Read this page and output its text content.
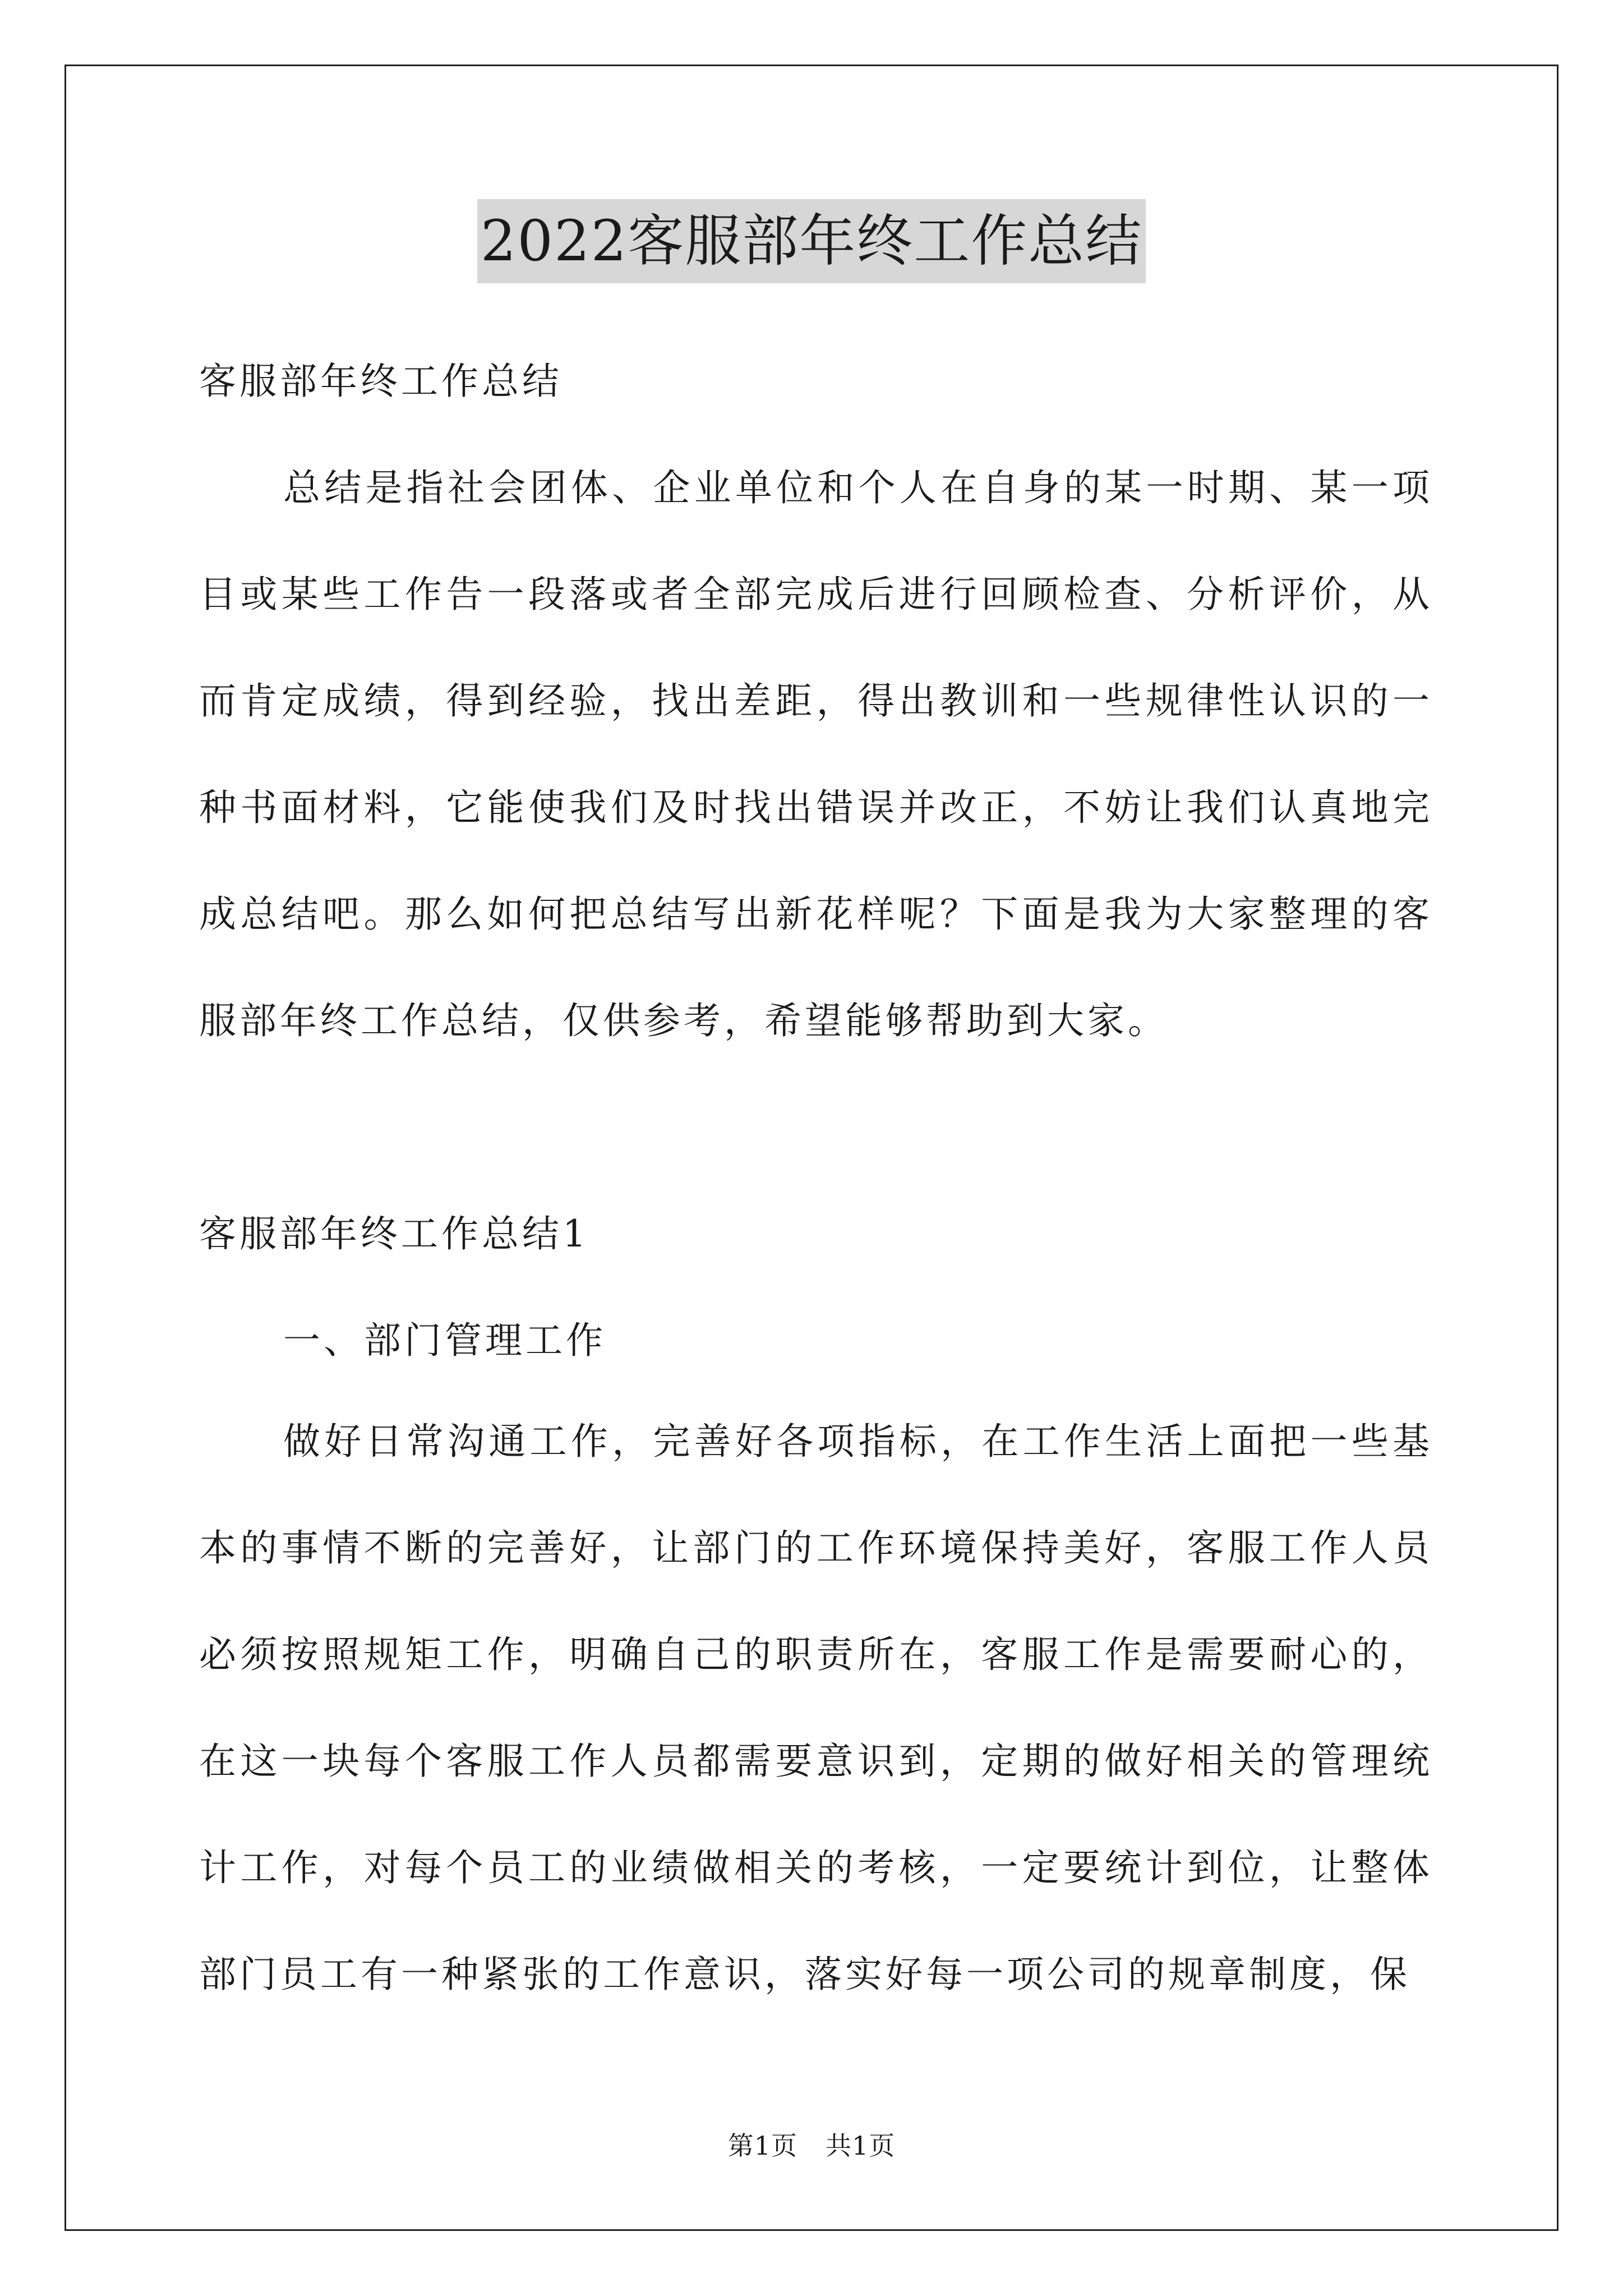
2022客服部年终工作总结
客服部年终工作总结
总结是指社会团体、企业单位和个人在自身的某一时期、某一项目或某些工作告一段落或者全部完成后进行回顾检查、分析评价，从而肯定成绩，得到经验，找出差距，得出教训和一些规律性认识的一种书面材料，它能使我们及时找出错误并改正，不妨让我们认真地完成总结吧。那么如何把总结写出新花样呢？下面是我为大家整理的客服部年终工作总结，仅供参考，希望能够帮助到大家。
客服部年终工作总结1
一、部门管理工作
做好日常沟通工作，完善好各项指标，在工作生活上面把一些基本的事情不断的完善好，让部门的工作环境保持美好，客服工作人员必须按照规矩工作，明确自己的职责所在，客服工作是需要耐心的，在这一块每个客服工作人员都需要意识到，定期的做好相关的管理统计工作，对每个员工的业绩做相关的考核，一定要统计到位，让整体部门员工有一种紧张的工作意识，落实好每一项公司的规章制度，保
第1页 共1页
